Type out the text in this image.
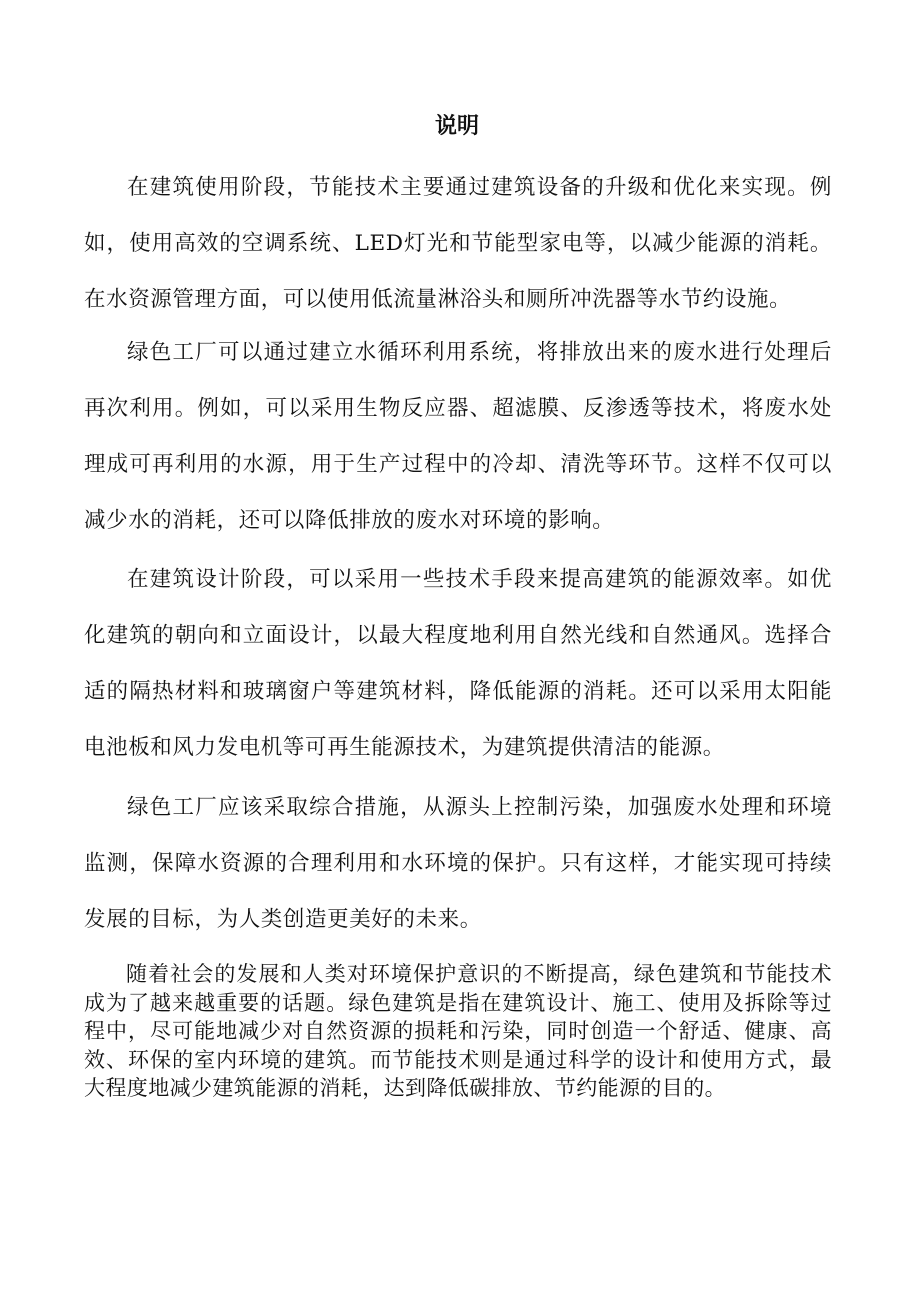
说明

在建筑使用阶段，节能技术主要通过建筑设备的升级和优化来实现。例如，使用高效的空调系统、LED灯光和节能型家电等，以减少能源的消耗。在水资源管理方面，可以使用低流量淋浴头和厕所冲洗器等水节约设施。

绿色工厂可以通过建立水循环利用系统，将排放出来的废水进行处理后再次利用。例如，可以采用生物反应器、超滤膜、反渗透等技术，将废水处理成可再利用的水源，用于生产过程中的冷却、清洗等环节。这样不仅可以减少水的消耗，还可以降低排放的废水对环境的影响。

在建筑设计阶段，可以采用一些技术手段来提高建筑的能源效率。如优化建筑的朝向和立面设计，以最大程度地利用自然光线和自然通风。选择合适的隔热材料和玻璃窗户等建筑材料，降低能源的消耗。还可以采用太阳能电池板和风力发电机等可再生能源技术，为建筑提供清洁的能源。

绿色工厂应该采取综合措施，从源头上控制污染，加强废水处理和环境监测，保障水资源的合理利用和水环境的保护。只有这样，才能实现可持续发展的目标，为人类创造更美好的未来。

随着社会的发展和人类对环境保护意识的不断提高，绿色建筑和节能技术成为了越来越重要的话题。绿色建筑是指在建筑设计、施工、使用及拆除等过程中，尽可能地减少对自然资源的损耗和污染，同时创造一个舒适、健康、高效、环保的室内环境的建筑。而节能技术则是通过科学的设计和使用方式，最大程度地减少建筑能源的消耗，达到降低碳排放、节约能源的目的。
